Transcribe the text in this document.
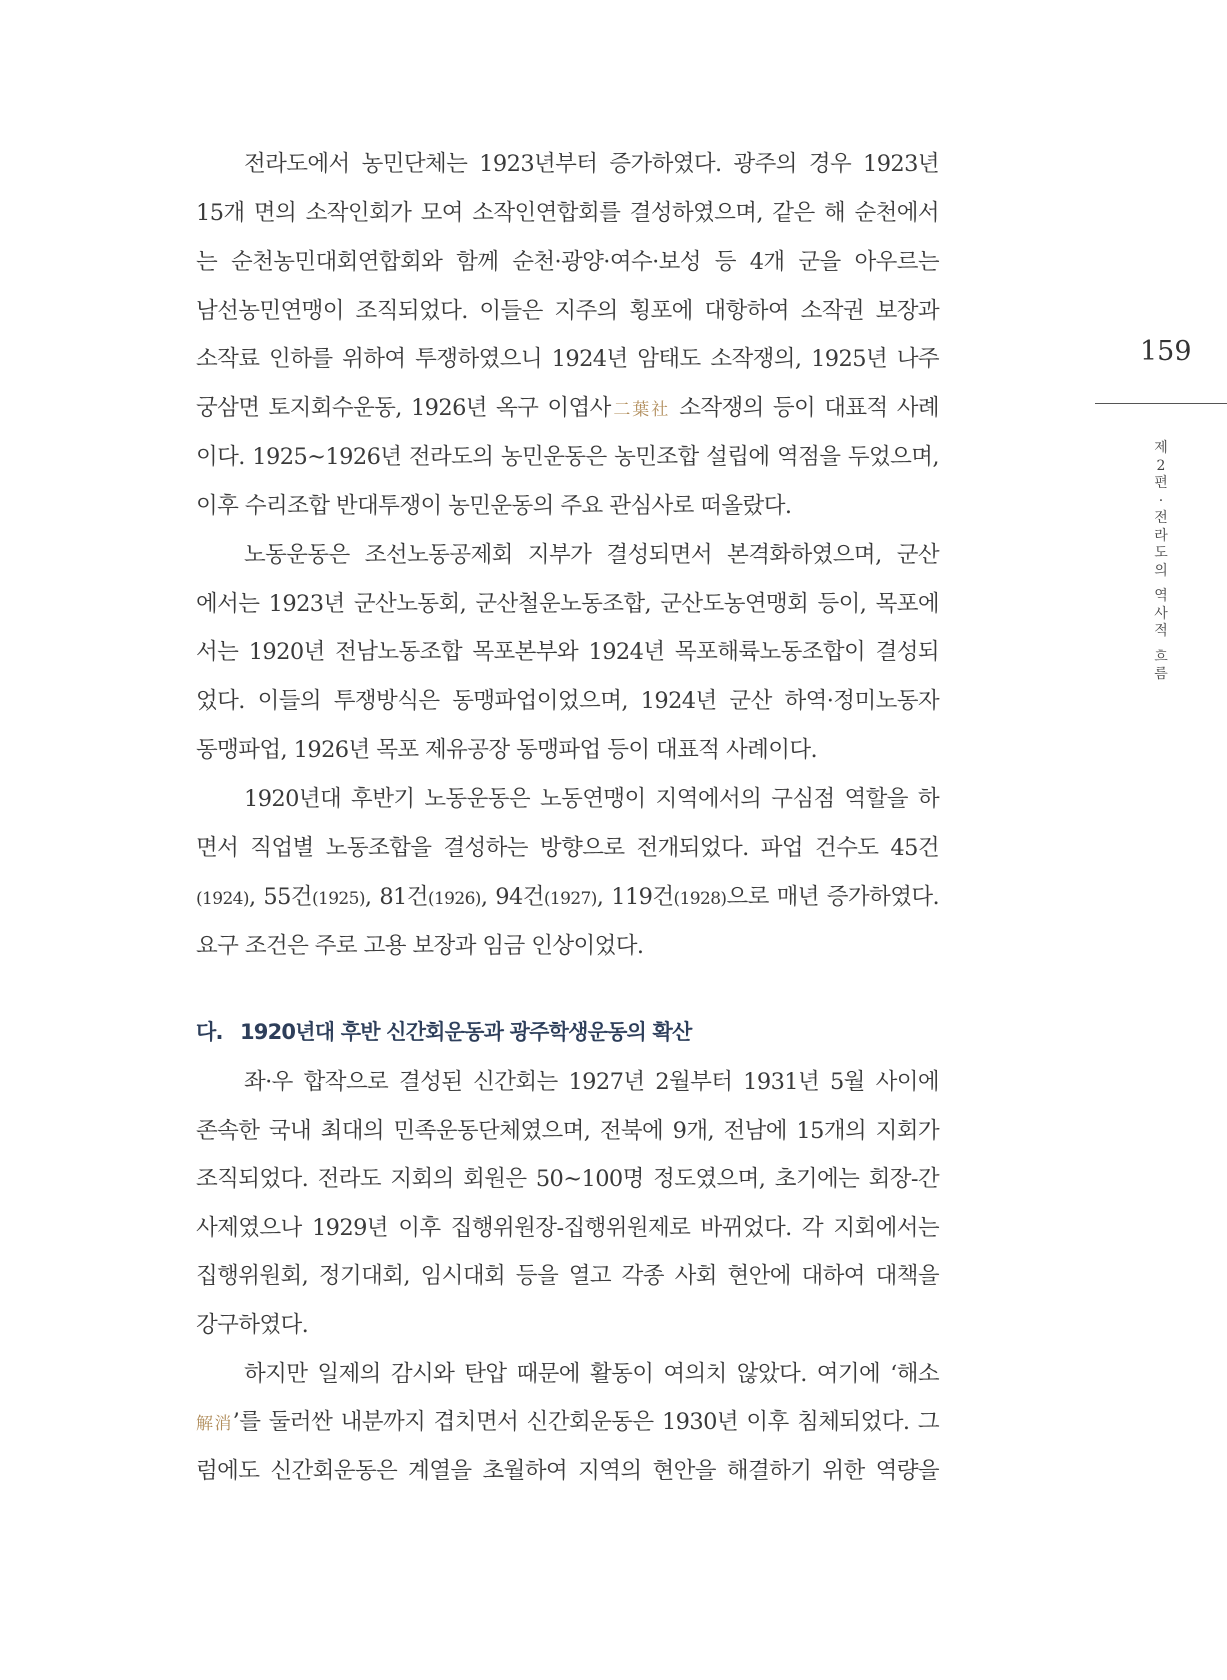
전라도에서 농민단체는 1923년부터 증가하였다. 광주의 경우 1923년
15개 면의 소작인회가 모여 소작인연합회를 결성하였으며, 같은 해 순천에서
는 순천농민대회연합회와 함께 순천·광양·여수·보성 등 4개 군을 아우르는
남선농민연맹이 조직되었다. 이들은 지주의 횡포에 대항하여 소작권 보장과
소작료 인하를 위하여 투쟁하였으니 1924년 암태도 소작쟁의, 1925년 나주
궁삼면 토지회수운동, 1926년 옥구 이엽사二葉社 소작쟁의 등이 대표적 사례
이다. 1925~1926년 전라도의 농민운동은 농민조합 설립에 역점을 두었으며,
이후 수리조합 반대투쟁이 농민운동의 주요 관심사로 떠올랐다.
노동운동은 조선노동공제회 지부가 결성되면서 본격화하였으며, 군산
에서는 1923년 군산노동회, 군산철운노동조합, 군산도농연맹회 등이, 목포에
서는 1920년 전남노동조합 목포본부와 1924년 목포해륙노동조합이 결성되
었다. 이들의 투쟁방식은 동맹파업이었으며, 1924년 군산 하역·정미노동자
동맹파업, 1926년 목포 제유공장 동맹파업 등이 대표적 사례이다.
1920년대 후반기 노동운동은 노동연맹이 지역에서의 구심점 역할을 하
면서 직업별 노동조합을 결성하는 방향으로 전개되었다. 파업 건수도 45건
(1924), 55건(1925), 81건(1926), 94건(1927), 119건(1928)으로 매년 증가하였다.
요구 조건은 주로 고용 보장과 임금 인상이었다.
다. 1920년대 후반 신간회운동과 광주학생운동의 확산
좌·우 합작으로 결성된 신간회는 1927년 2월부터 1931년 5월 사이에
존속한 국내 최대의 민족운동단체였으며, 전북에 9개, 전남에 15개의 지회가
조직되었다. 전라도 지회의 회원은 50~100명 정도였으며, 초기에는 회장-간
사제였으나 1929년 이후 집행위원장-집행위원제로 바뀌었다. 각 지회에서는
집행위원회, 정기대회, 임시대회 등을 열고 각종 사회 현안에 대하여 대책을
강구하였다.
하지만 일제의 감시와 탄압 때문에 활동이 여의치 않았다. 여기에 ‘해소
解消’를 둘러싼 내분까지 겹치면서 신간회운동은 1930년 이후 침체되었다. 그
럼에도 신간회운동은 계열을 초월하여 지역의 현안을 해결하기 위한 역량을
159
제
2
편
·
전
라
도
의
역
사
적
흐
름
